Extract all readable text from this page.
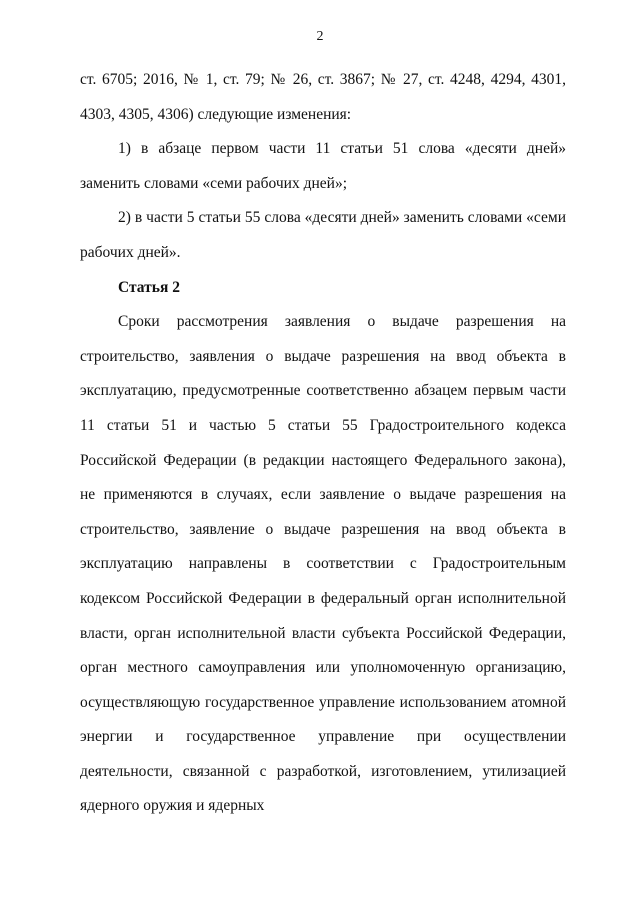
2

ст. 6705; 2016, № 1, ст. 79; № 26, ст. 3867; № 27, ст. 4248, 4294, 4301, 4303, 4305, 4306) следующие изменения:

1) в абзаце первом части 11 статьи 51 слова «десяти дней» заменить словами «семи рабочих дней»;

2) в части 5 статьи 55 слова «десяти дней» заменить словами «семи рабочих дней».

Статья 2

Сроки рассмотрения заявления о выдаче разрешения на строительство, заявления о выдаче разрешения на ввод объекта в эксплуатацию, предусмотренные соответственно абзацем первым части 11 статьи 51 и частью 5 статьи 55 Градостроительного кодекса Российской Федерации (в редакции настоящего Федерального закона), не применяются в случаях, если заявление о выдаче разрешения на строительство, заявление о выдаче разрешения на ввод объекта в эксплуатацию направлены в соответствии с Градостроительным кодексом Российской Федерации в федеральный орган исполнительной власти, орган исполнительной власти субъекта Российской Федерации, орган местного самоуправления или уполномоченную организацию, осуществляющую государственное управление использованием атомной энергии и государственное управление при осуществлении деятельности, связанной с разработкой, изготовлением, утилизацией ядерного оружия и ядерных
